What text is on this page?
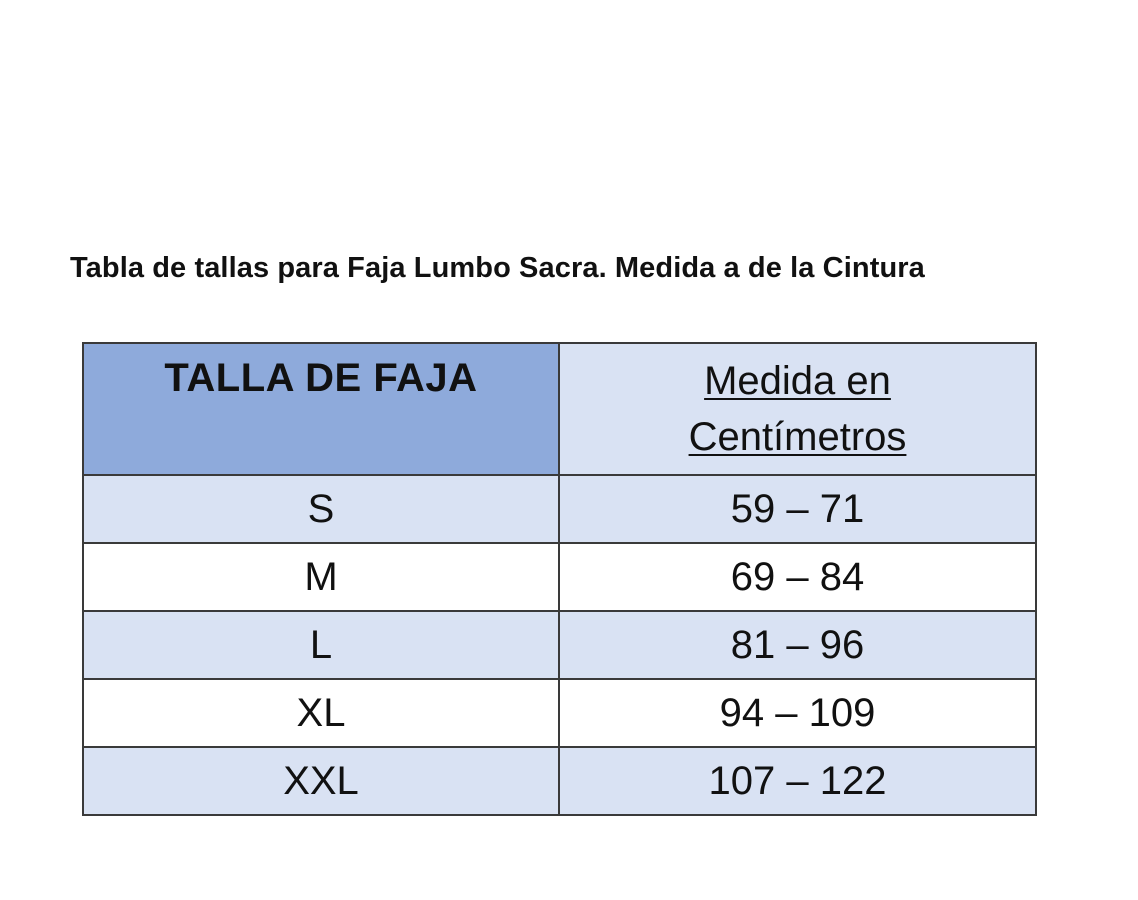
Tabla de tallas para Faja Lumbo Sacra. Medida a de la Cintura
TALLA DE FAJA	Medida en
Centímetros
S	59 – 71
M	69 – 84
L	81 – 96
XL	94 – 109
XXL	107 – 122
